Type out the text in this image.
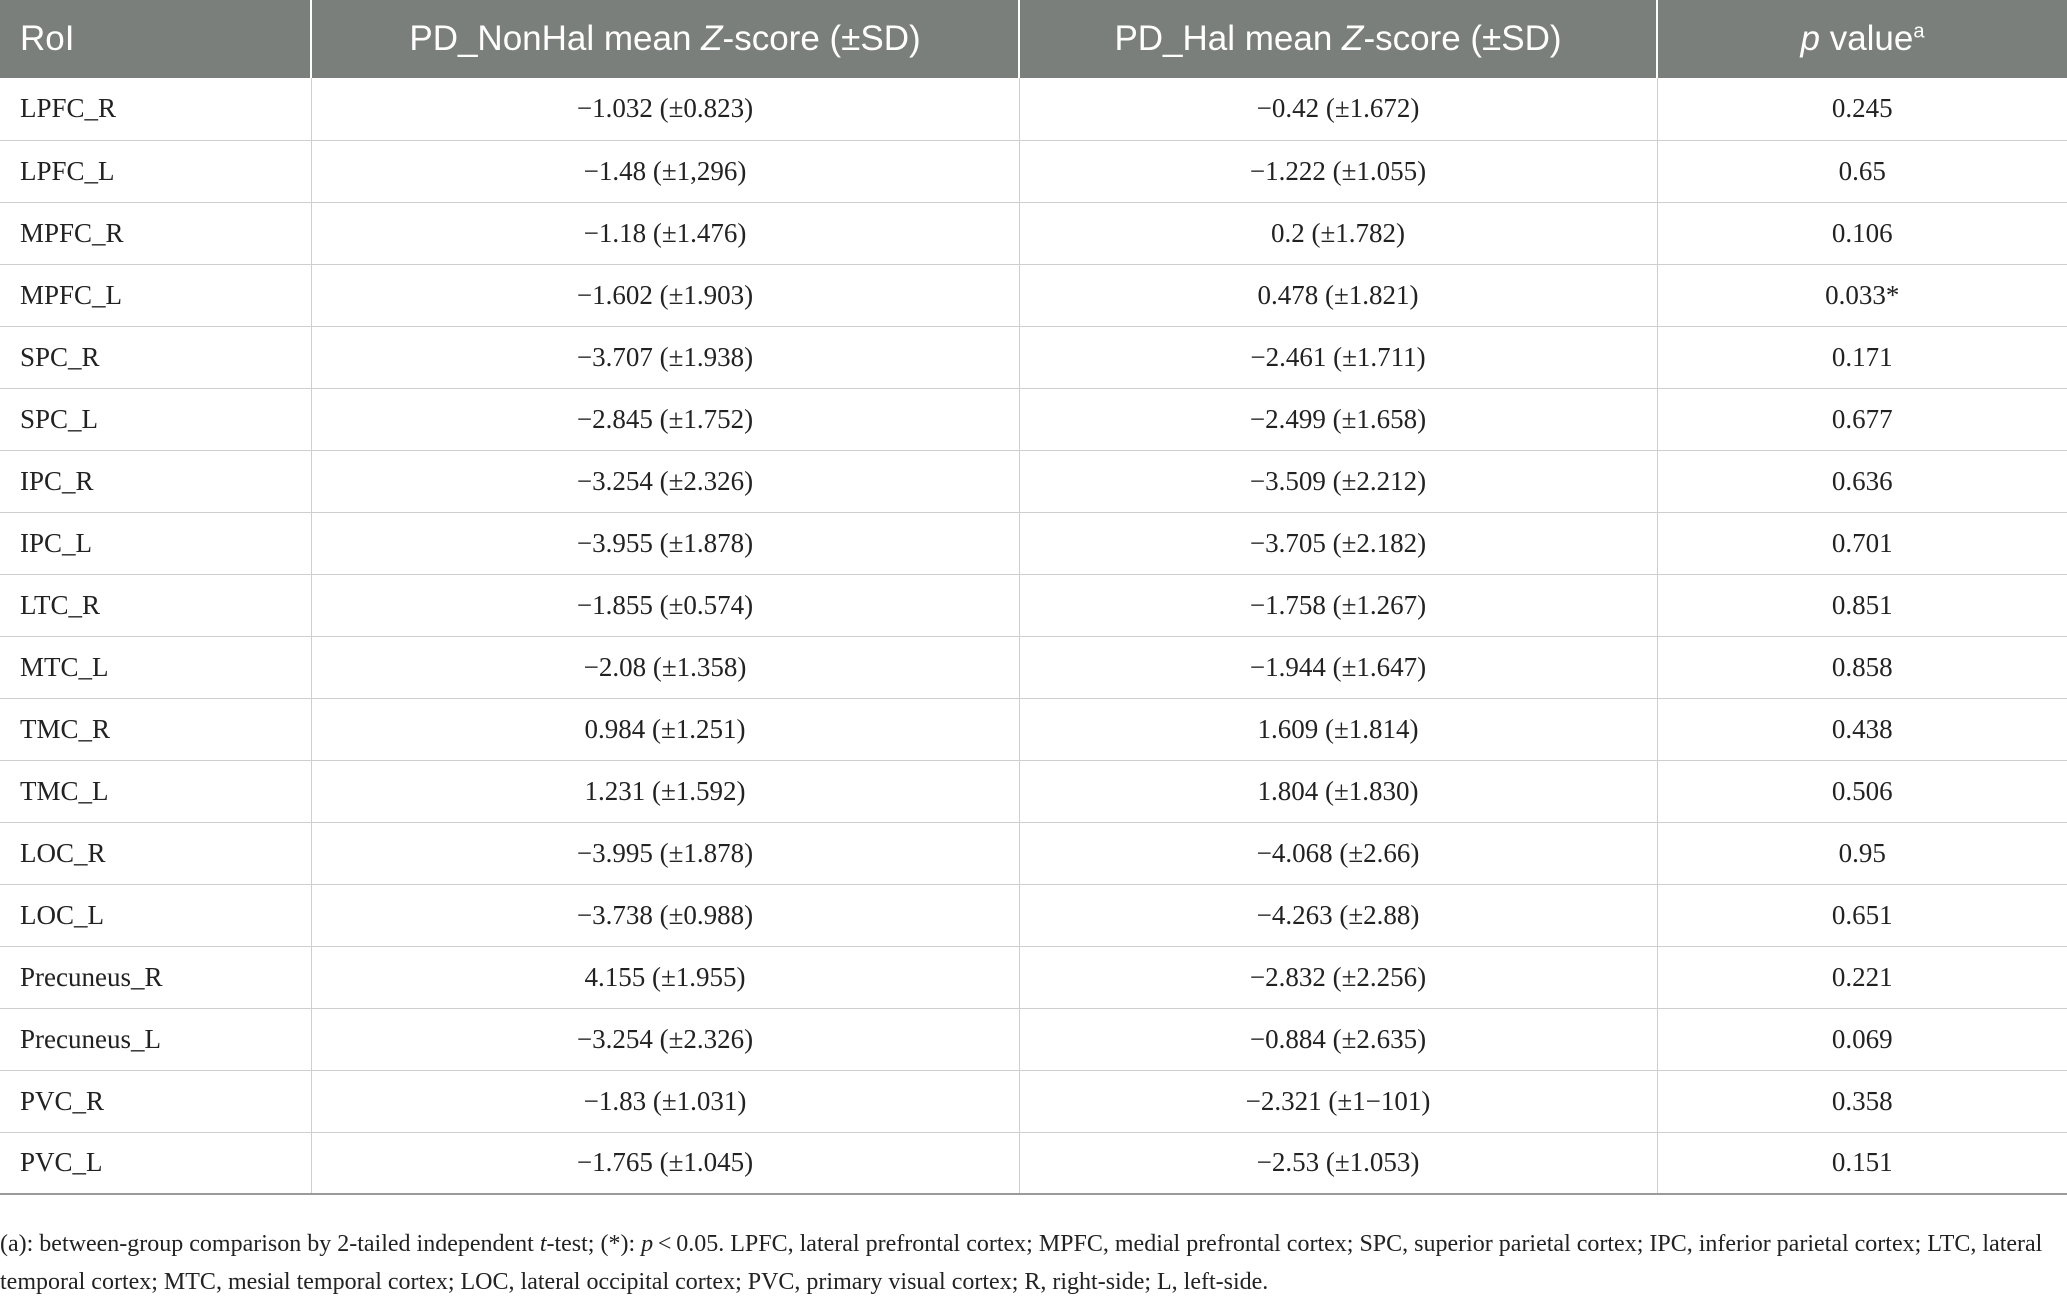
RoI	PD_NonHal mean Z-score (±SD)	PD_Hal mean Z-score (±SD)	p value$^a$
LPFC_R	−1.032 (±0.823)	−0.42 (±1.672)	0.245
LPFC_L	−1.48 (±1,296)	−1.222 (±1.055)	0.65
MPFC_R	−1.18 (±1.476)	0.2 (±1.782)	0.106
MPFC_L	−1.602 (±1.903)	0.478 (±1.821)	0.033*
SPC_R	−3.707 (±1.938)	−2.461 (±1.711)	0.171
SPC_L	−2.845 (±1.752)	−2.499 (±1.658)	0.677
IPC_R	−3.254 (±2.326)	−3.509 (±2.212)	0.636
IPC_L	−3.955 (±1.878)	−3.705 (±2.182)	0.701
LTC_R	−1.855 (±0.574)	−1.758 (±1.267)	0.851
MTC_L	−2.08 (±1.358)	−1.944 (±1.647)	0.858
TMC_R	0.984 (±1.251)	1.609 (±1.814)	0.438
TMC_L	1.231 (±1.592)	1.804 (±1.830)	0.506
LOC_R	−3.995 (±1.878)	−4.068 (±2.66)	0.95
LOC_L	−3.738 (±0.988)	−4.263 (±2.88)	0.651
Precuneus_R	4.155 (±1.955)	−2.832 (±2.256)	0.221
Precuneus_L	−3.254 (±2.326)	−0.884 (±2.635)	0.069
PVC_R	−1.83 (±1.031)	−2.321 (±1−101)	0.358
PVC_L	−1.765 (±1.045)	−2.53 (±1.053)	0.151
(a): between-group comparison by 2-tailed independent t-test; (*): p < 0.05. LPFC, lateral prefrontal cortex; MPFC, medial prefrontal cortex; SPC, superior parietal cortex; IPC, inferior parietal cortex; LTC, lateral temporal cortex; MTC, mesial temporal cortex; LOC, lateral occipital cortex; PVC, primary visual cortex; R, right-side; L, left-side.
